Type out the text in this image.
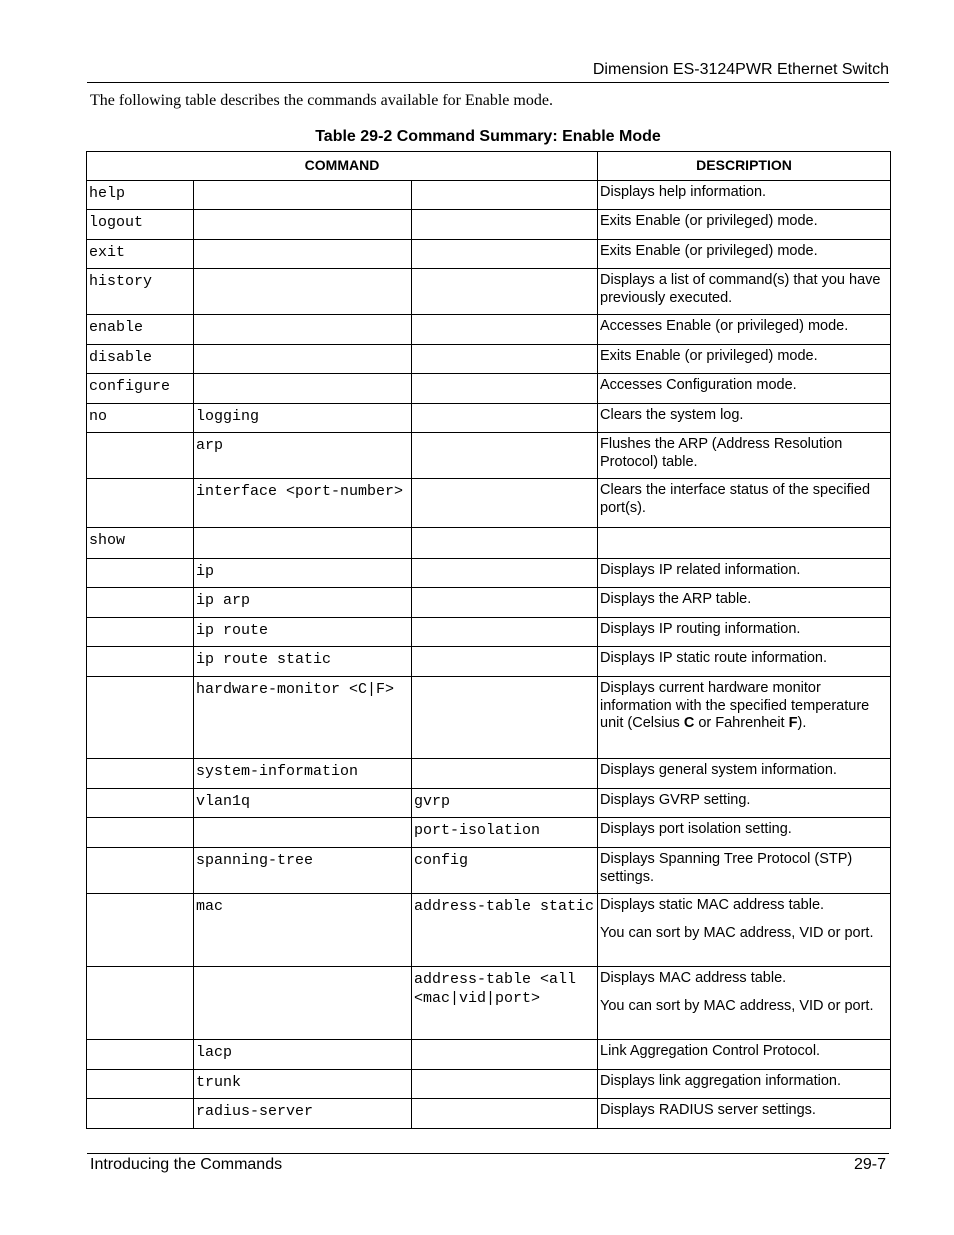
Dimension ES-3124PWR Ethernet Switch
The following table describes the commands available for Enable mode.
Table 29-2 Command Summary: Enable Mode
COMMAND			DESCRIPTION
help			Displays help information.

logout			Exits Enable (or privileged) mode.

exit			Exits Enable (or privileged) mode.

history			Displays a list of command(s) that you have previously executed.

enable			Accesses Enable (or privileged) mode.

disable			Exits Enable (or privileged) mode.

configure			Accesses Configuration mode.

no	logging		Clears the system log.

	arp		Flushes the ARP (Address Resolution Protocol) table.

	interface <port-number>		Clears the interface status of the specified port(s).

show			

	ip		Displays IP related information.

	ip arp		Displays the ARP table.

	ip route		Displays IP routing information.

	ip route static		Displays IP static route information.

	hardware-monitor <C|F>		Displays current hardware monitor information with the specified temperature unit (Celsius C or Fahrenheit F).

	system-information		Displays general system information.

	vlan1q	gvrp	Displays GVRP setting.

		port-isolation	Displays port isolation setting.

	spanning-tree	config	Displays Spanning Tree Protocol (STP) settings.

	mac	address-table static	Displays static MAC address table.

You can sort by MAC address, VID or port.

		address-table <all <mac|vid|port>	Displays MAC address table.

You can sort by MAC address, VID or port.

	lacp		Link Aggregation Control Protocol.

	trunk		Displays link aggregation information.

	radius-server		Displays RADIUS server settings.

Introducing the Commands	29-7
